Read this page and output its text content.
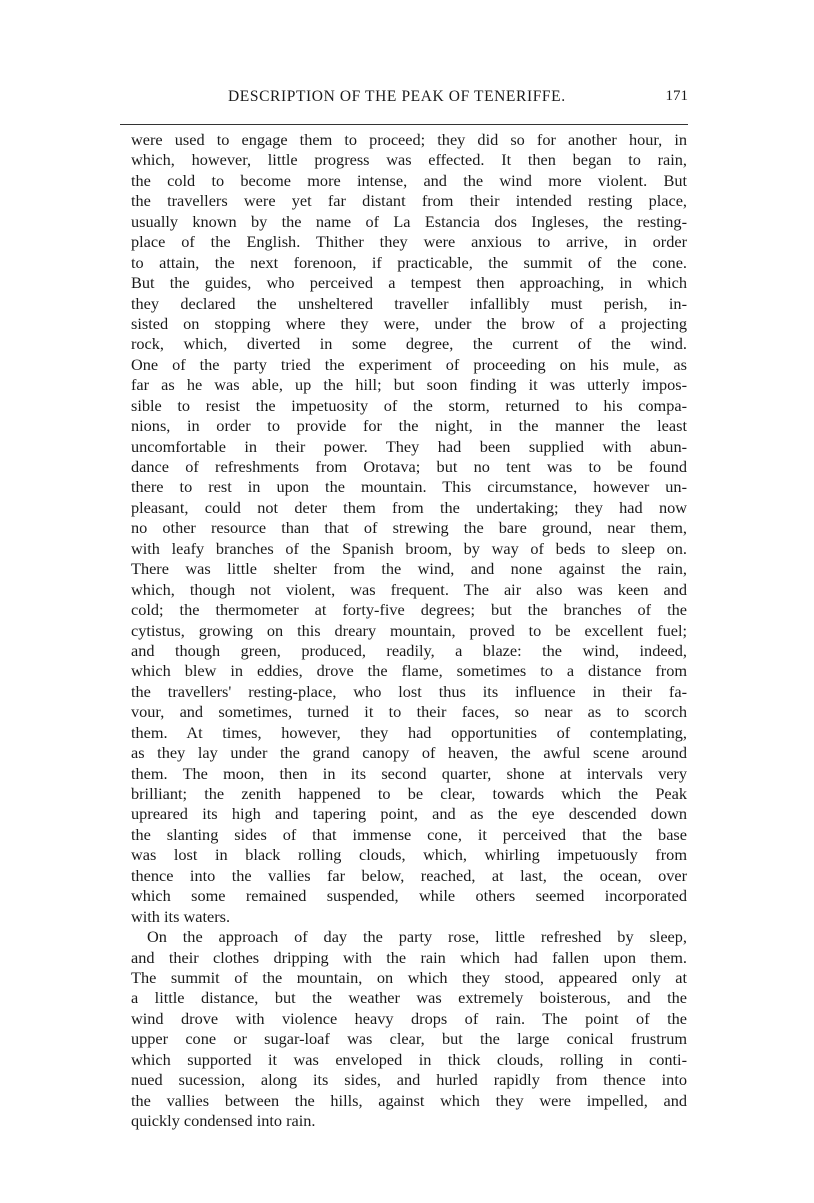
DESCRIPTION OF THE PEAK OF TENERIFFE.	171
were used to engage them to proceed; they did so for another hour, in
which, however, little progress was effected. It then began to rain,
the cold to become more intense, and the wind more violent. But
the travellers were yet far distant from their intended resting place,
usually known by the name of La Estancia dos Ingleses, the resting-
place of the English. Thither they were anxious to arrive, in order
to attain, the next forenoon, if practicable, the summit of the cone.
But the guides, who perceived a tempest then approaching, in which
they declared the unsheltered traveller infallibly must perish, in-
sisted on stopping where they were, under the brow of a projecting
rock, which, diverted in some degree, the current of the wind.
One of the party tried the experiment of proceeding on his mule, as
far as he was able, up the hill; but soon finding it was utterly impos-
sible to resist the impetuosity of the storm, returned to his compa-
nions, in order to provide for the night, in the manner the least
uncomfortable in their power. They had been supplied with abun-
dance of refreshments from Orotava; but no tent was to be found
there to rest in upon the mountain. This circumstance, however un-
pleasant, could not deter them from the undertaking; they had now
no other resource than that of strewing the bare ground, near them,
with leafy branches of the Spanish broom, by way of beds to sleep on.
There was little shelter from the wind, and none against the rain,
which, though not violent, was frequent. The air also was keen and
cold; the thermometer at forty-five degrees; but the branches of the
cytistus, growing on this dreary mountain, proved to be excellent fuel;
and though green, produced, readily, a blaze: the wind, indeed,
which blew in eddies, drove the flame, sometimes to a distance from
the travellers' resting-place, who lost thus its influence in their fa-
vour, and sometimes, turned it to their faces, so near as to scorch
them. At times, however, they had opportunities of contemplating,
as they lay under the grand canopy of heaven, the awful scene around
them. The moon, then in its second quarter, shone at intervals very
brilliant; the zenith happened to be clear, towards which the Peak
upreared its high and tapering point, and as the eye descended down
the slanting sides of that immense cone, it perceived that the base
was lost in black rolling clouds, which, whirling impetuously from
thence into the vallies far below, reached, at last, the ocean, over
which some remained suspended, while others seemed incorporated
with its waters.
On the approach of day the party rose, little refreshed by sleep,
and their clothes dripping with the rain which had fallen upon them.
The summit of the mountain, on which they stood, appeared only at
a little distance, but the weather was extremely boisterous, and the
wind drove with violence heavy drops of rain. The point of the
upper cone or sugar-loaf was clear, but the large conical frustrum
which supported it was enveloped in thick clouds, rolling in conti-
nued sucession, along its sides, and hurled rapidly from thence into
the vallies between the hills, against which they were impelled, and
quickly condensed into rain.
